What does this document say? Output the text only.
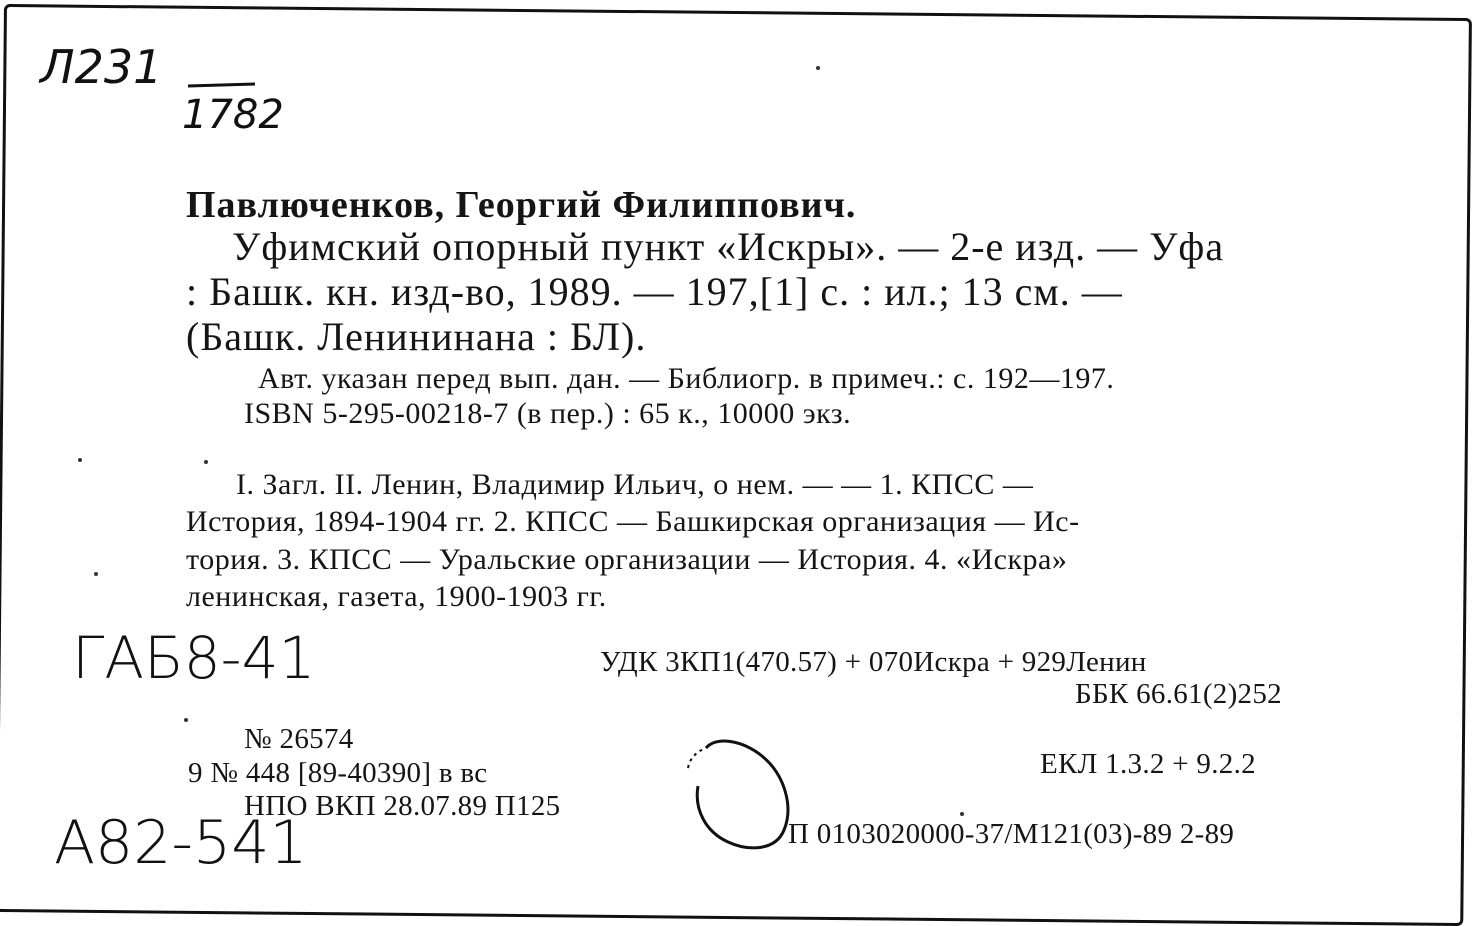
Л231
1782
Павлюченков, Георгий Филиппович.
Уфимский опорный пункт «Искры». — 2-е изд. — Уфа
: Башк. кн. изд-во, 1989. — 197,[1] с. : ил.; 13 см. —
(Башк. Ленининана : БЛ).
Авт. указан перед вып. дан. — Библиогр. в примеч.: с. 192—197.
ISBN 5-295-00218-7 (в пер.) : 65 к., 10000 экз.
I. Загл. II. Ленин, Владимир Ильич, о нем. — — 1. КПСС —
История, 1894-1904 гг. 2. КПСС — Башкирская организация — Ис-
тория. 3. КПСС — Уральские организации — История. 4. «Искра»
ленинская, газета, 1900-1903 гг.
ГАБ8-41	УДК 3КП1(470.57) + 070Искра + 929Ленин
ББК 66.61(2)252
№ 26574
9 № 448 [89-40390] в вс
НПО ВКП 28.07.89 П125
ЕКЛ 1.3.2 + 9.2.2
П 0103020000-37/М121(03)-89 2-89
А82-541
